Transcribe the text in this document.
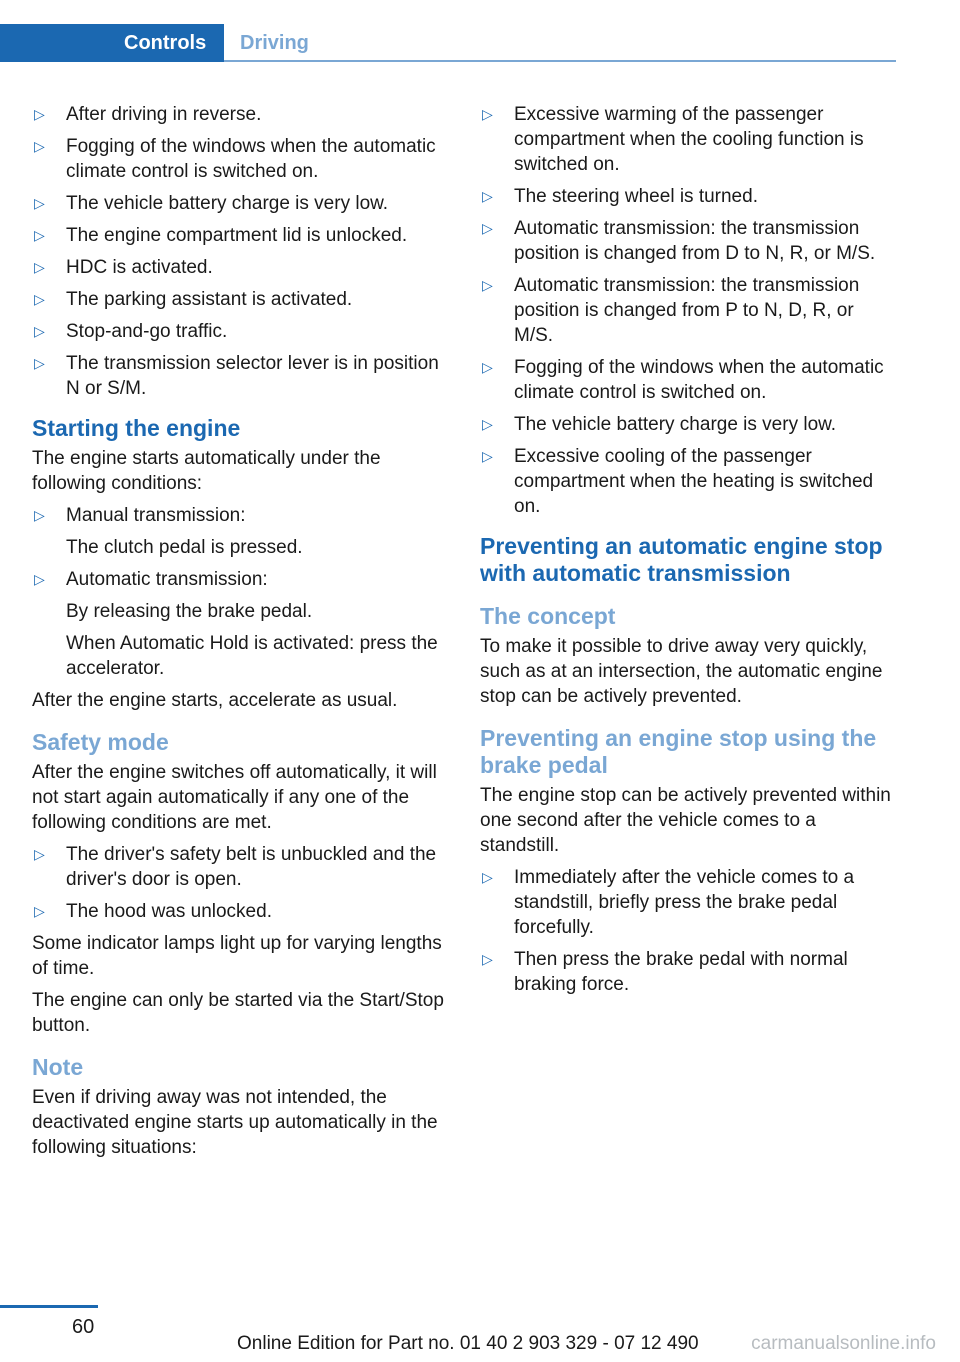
Controls	Driving
▷ After driving in reverse.
▷ Fogging of the windows when the automatic climate control is switched on.
▷ The vehicle battery charge is very low.
▷ The engine compartment lid is unlocked.
▷ HDC is activated.
▷ The parking assistant is activated.
▷ Stop-and-go traffic.
▷ The transmission selector lever is in position N or S/M.
Starting the engine

The engine starts automatically under the following conditions:

▷ Manual transmission:
The clutch pedal is pressed.
▷ Automatic transmission:
By releasing the brake pedal.
When Automatic Hold is activated: press the accelerator.

After the engine starts, accelerate as usual.

Safety mode

After the engine switches off automatically, it will not start again automatically if any one of the following conditions are met.

▷ The driver's safety belt is unbuckled and the driver's door is open.
▷ The hood was unlocked.

Some indicator lamps light up for varying lengths of time.

The engine can only be started via the Start/Stop button.

Note

Even if driving away was not intended, the deactivated engine starts up automatically in the following situations:

▷ Excessive warming of the passenger compartment when the cooling function is switched on.
▷ The steering wheel is turned.
▷ Automatic transmission: the transmission position is changed from D to N, R, or M/S.
▷ Automatic transmission: the transmission position is changed from P to N, D, R, or M/S.
▷ Fogging of the windows when the automatic climate control is switched on.
▷ The vehicle battery charge is very low.
▷ Excessive cooling of the passenger compartment when the heating is switched on.
Preventing an automatic engine stop with automatic transmission
The concept

To make it possible to drive away very quickly, such as at an intersection, the automatic engine stop can be actively prevented.

Preventing an engine stop using the brake pedal

The engine stop can be actively prevented within one second after the vehicle comes to a standstill.

▷ Immediately after the vehicle comes to a standstill, briefly press the brake pedal forcefully.
▷ Then press the brake pedal with normal braking force.
60
Online Edition for Part no. 01 40 2 903 329 - 07 12 490	carmanualsonline.info
